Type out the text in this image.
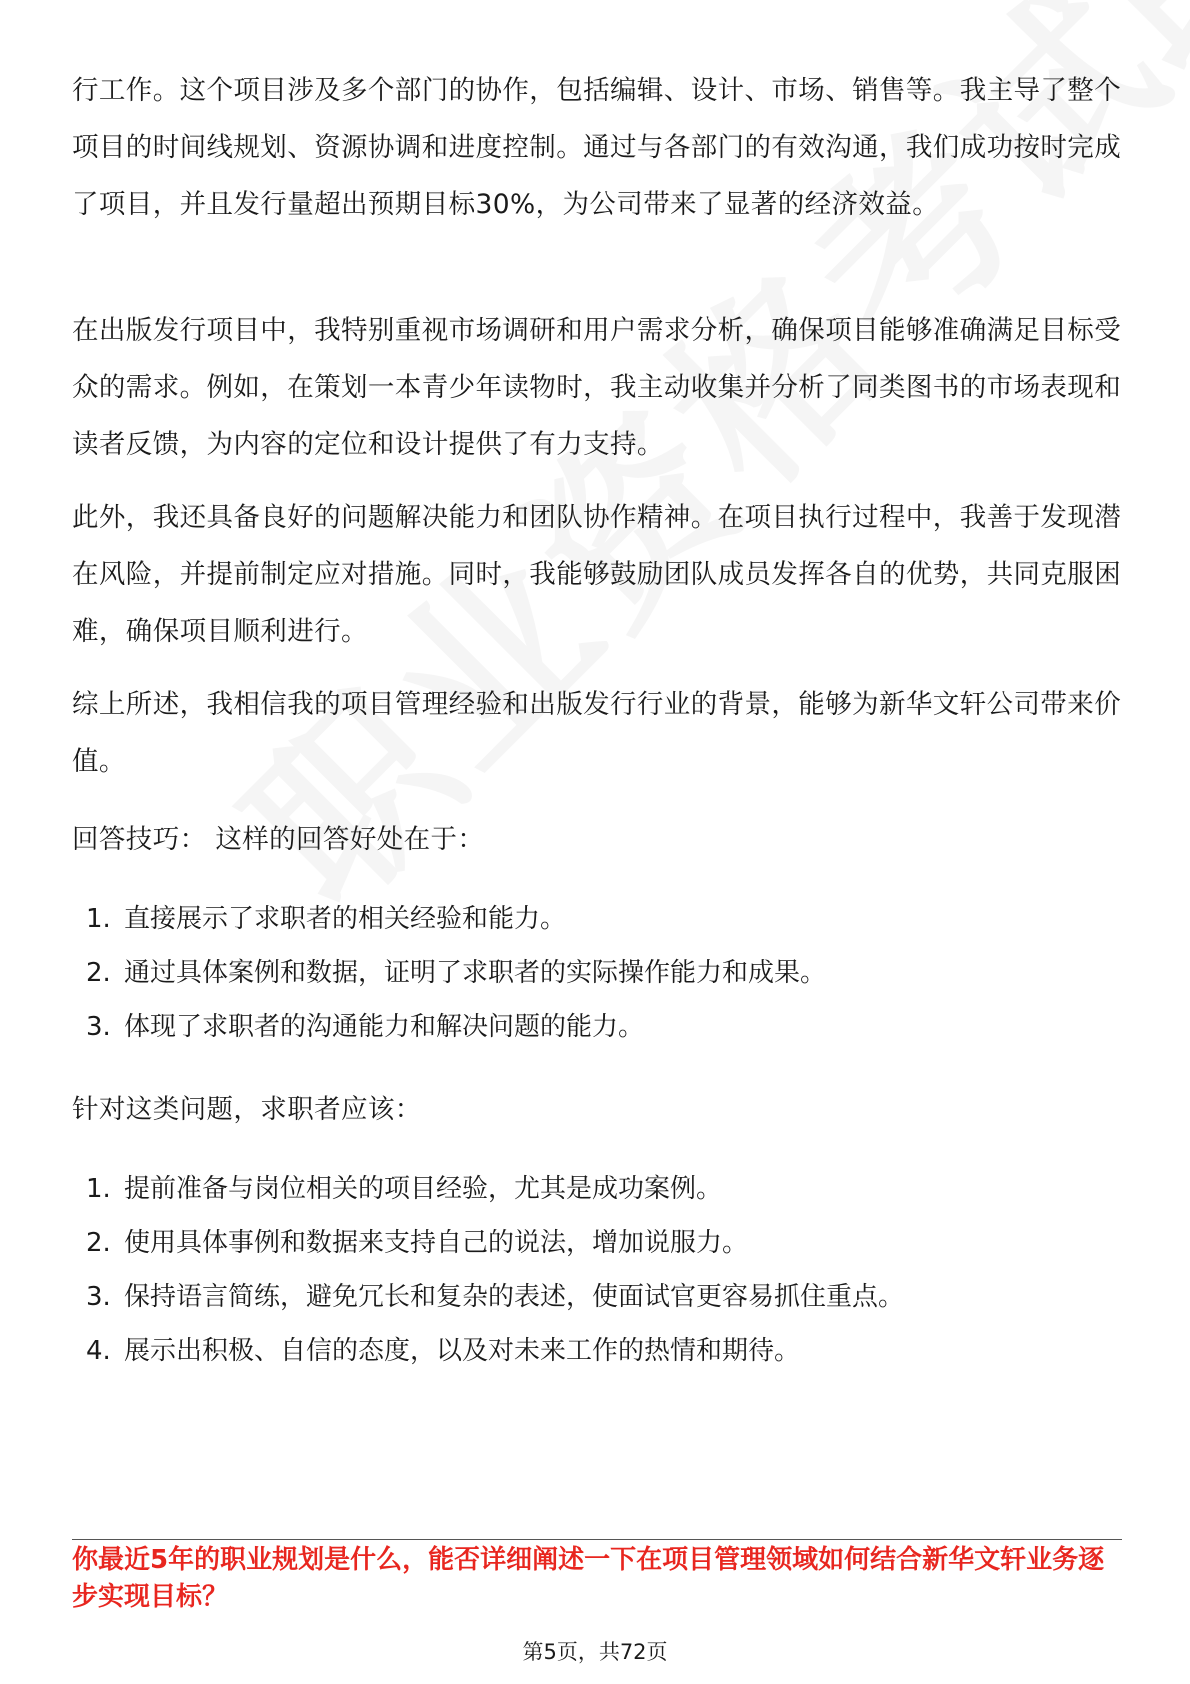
行工作。这个项目涉及多个部门的协作，包括编辑、设计、市场、销售等。我主导了整个项目的时间线规划、资源协调和进度控制。通过与各部门的有效沟通，我们成功按时完成了项目，并且发行量超出预期目标30%，为公司带来了显著的经济效益。

在出版发行项目中，我特别重视市场调研和用户需求分析，确保项目能够准确满足目标受众的需求。例如，在策划一本青少年读物时，我主动收集并分析了同类图书的市场表现和读者反馈，为内容的定位和设计提供了有力支持。

此外，我还具备良好的问题解决能力和团队协作精神。在项目执行过程中，我善于发现潜在风险，并提前制定应对措施。同时，我能够鼓励团队成员发挥各自的优势，共同克服困难，确保项目顺利进行。

综上所述，我相信我的项目管理经验和出版发行行业的背景，能够为新华文轩公司带来价值。

回答技巧： 这样的回答好处在于：

1. 直接展示了求职者的相关经验和能力。

2. 通过具体案例和数据，证明了求职者的实际操作能力和成果。

3. 体现了求职者的沟通能力和解决问题的能力。

针对这类问题，求职者应该：

1. 提前准备与岗位相关的项目经验，尤其是成功案例。

2. 使用具体事例和数据来支持自己的说法，增加说服力。

3. 保持语言简练，避免冗长和复杂的表述，使面试官更容易抓住重点。

4. 展示出积极、自信的态度，以及对未来工作的热情和期待。

你最近5年的职业规划是什么，能否详细阐述一下在项目管理领域如何结合新华文轩业务逐步实现目标？

第5页，共72页
